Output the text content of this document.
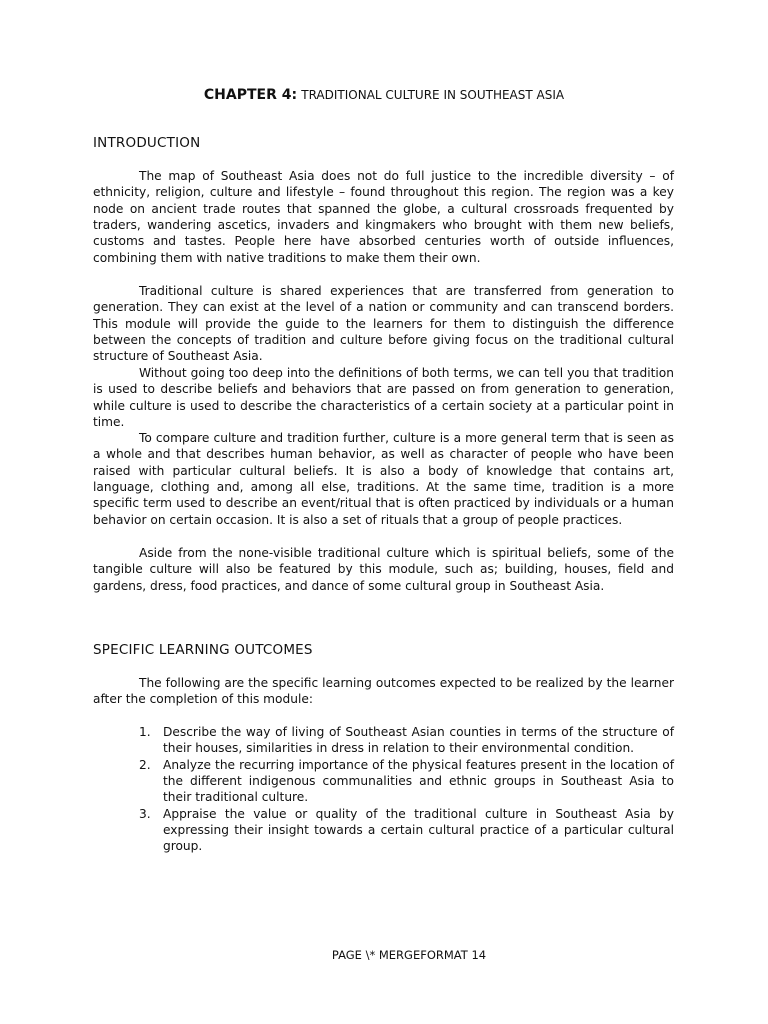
CHAPTER 4: TRADITIONAL CULTURE IN SOUTHEAST ASIA
INTRODUCTION

The map of Southeast Asia does not do full justice to the incredible diversity – of ethnicity, religion, culture and lifestyle – found throughout this region. The region was a key node on ancient trade routes that spanned the globe, a cultural crossroads frequented by traders, wandering ascetics, invaders and kingmakers who brought with them new beliefs, customs and tastes. People here have absorbed centuries worth of outside influences, combining them with native traditions to make them their own.

Traditional culture is shared experiences that are transferred from generation to generation. They can exist at the level of a nation or community and can transcend borders. This module will provide the guide to the learners for them to distinguish the difference between the concepts of tradition and culture before giving focus on the traditional cultural structure of Southeast Asia.

Without going too deep into the definitions of both terms, we can tell you that tradition is used to describe beliefs and behaviors that are passed on from generation to generation, while culture is used to describe the characteristics of a certain society at a particular point in time.

To compare culture and tradition further, culture is a more general term that is seen as a whole and that describes human behavior, as well as character of people who have been raised with particular cultural beliefs. It is also a body of knowledge that contains art, language, clothing and, among all else, traditions. At the same time, tradition is a more specific term used to describe an event/ritual that is often practiced by individuals or a human behavior on certain occasion. It is also a set of rituals that a group of people practices.

Aside from the none-visible traditional culture which is spiritual beliefs, some of the tangible culture will also be featured by this module, such as; building, houses, field and gardens, dress, food practices, and dance of some cultural group in Southeast Asia.

SPECIFIC LEARNING OUTCOMES

The following are the specific learning outcomes expected to be realized by the learner after the completion of this module:

1. Describe the way of living of Southeast Asian counties in terms of the structure of their houses, similarities in dress in relation to their environmental condition.
2. Analyze the recurring importance of the physical features present in the location of the different indigenous communalities and ethnic groups in Southeast Asia to their traditional culture.
3. Appraise the value or quality of the traditional culture in Southeast Asia by expressing their insight towards a certain cultural practice of a particular cultural group.
PAGE \* MERGEFORMAT 14
